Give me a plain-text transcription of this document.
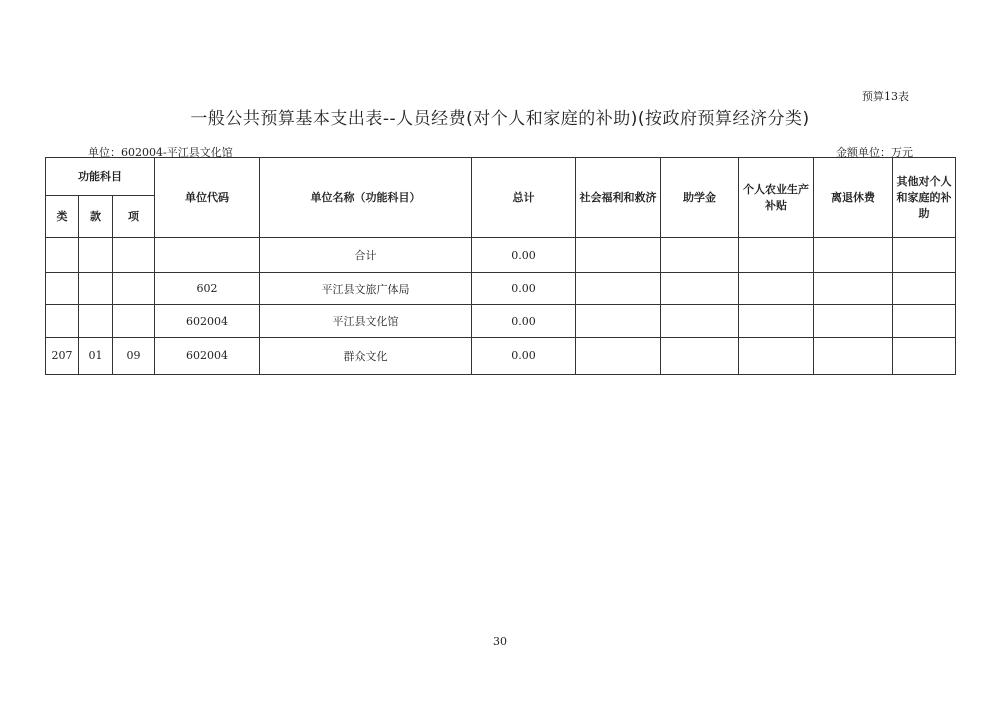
预算13表
一般公共预算基本支出表--人员经费(对个人和家庭的补助)(按政府预算经济分类)
单位：602004-平江县文化馆	金额单位：万元
功能科目			单位代码	单位名称（功能科目）	总计	社会福利和救济	助学金	个人农业生产补贴	离退休费	其他对个人和家庭的补助
类	款	项								
				合计	0.00					
			602	平江县文旅广体局	0.00					
			602004	平江县文化馆	0.00					
207	01	09	602004	群众文化	0.00					
30
